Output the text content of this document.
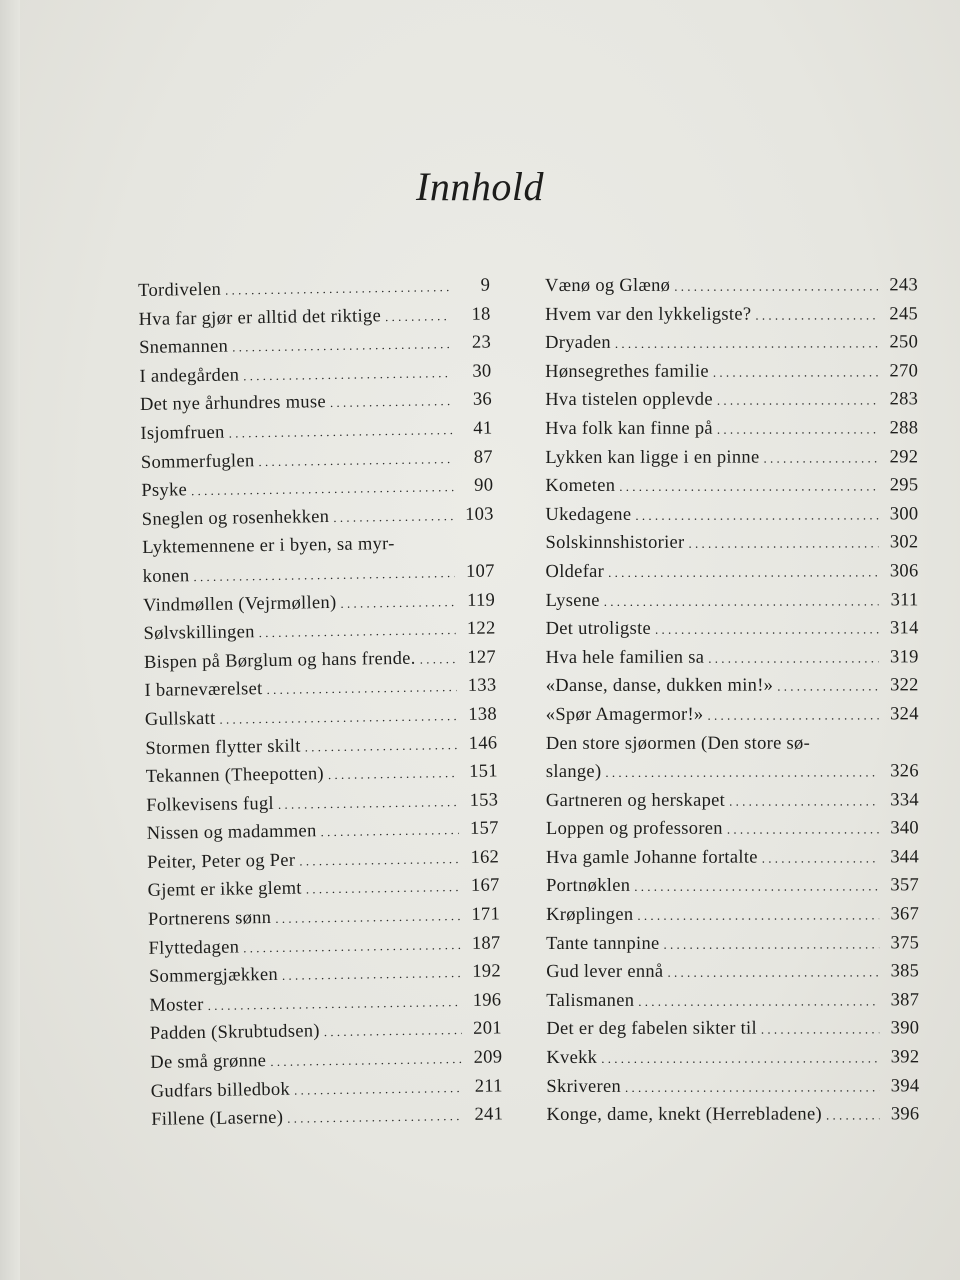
Innhold
Tordivelen . . .	9
Hva far gjør er alltid det riktige . . .	18
Snemannen . . .	23
I andegården . . .	30
Det nye århundres muse . . .	36
Isjomfruen . . .	41
Sommerfuglen . . .	87
Psyke . . .	90
Sneglen og rosenhekken . . .	103
Lyktemennene er i byen, sa myr-
konen . . .	107
Vindmøllen (Vejrmøllen) . . .	119
Sølvskillingen . . .	122
Bispen på Børglum og hans frende. . . .	127
I barneværelset . . .	133
Gullskatt . . .	138
Stormen flytter skilt . . .	146
Tekannen (Theepotten) . . .	151
Folkevisens fugl . . .	153
Nissen og madammen . . .	157
Peiter, Peter og Per . . .	162
Gjemt er ikke glemt . . .	167
Portnerens sønn . . .	171
Flyttedagen . . .	187
Sommergjækken . . .	192
Moster . . .	196
Padden (Skrubtudsen) . . .	201
De små grønne . . .	209
Gudfars billedbok . . .	211
Fillene (Laserne) . . .	241
Vænø og Glænø . . .	243
Hvem var den lykkeligste? . . .	245
Dryaden . . .	250
Hønsegrethes familie . . .	270
Hva tistelen opplevde . . .	283
Hva folk kan finne på . . .	288
Lykken kan ligge i en pinne . . .	292
Kometen . . .	295
Ukedagene . . .	300
Solskinnshistorier . . .	302
Oldefar . . .	306
Lysene . . .	311
Det utroligste . . .	314
Hva hele familien sa . . .	319
«Danse, danse, dukken min!» . . .	322
«Spør Amagermor!» . . .	324
Den store sjøormen (Den store sø-
slange) . . .	326
Gartneren og herskapet . . .	334
Loppen og professoren . . .	340
Hva gamle Johanne fortalte . . .	344
Portnøklen . . .	357
Krøplingen . . .	367
Tante tannpine . . .	375
Gud lever ennå . . .	385
Talismanen . . .	387
Det er deg fabelen sikter til . . .	390
Kvekk . . .	392
Skriveren . . .	394
Konge, dame, knekt (Herrebladene) . . .	396
